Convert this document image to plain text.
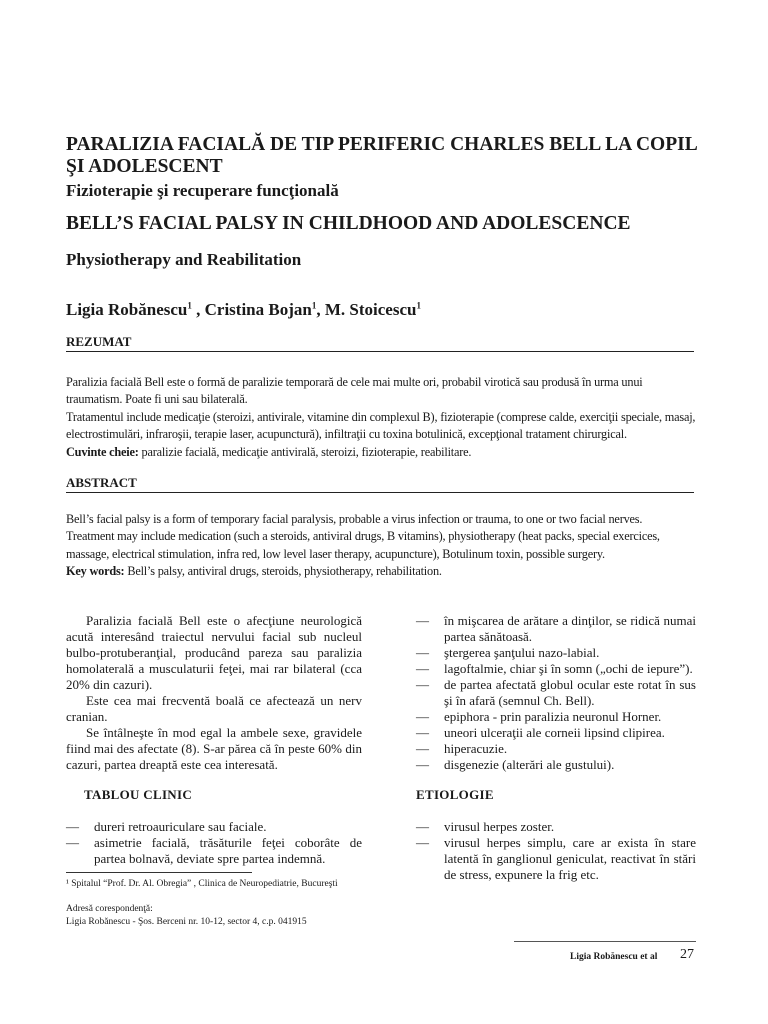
PARALIZIA FACIALĂ DE TIP PERIFERIC CHARLES BELL LA COPIL ŞI ADOLESCENT
Fizioterapie şi recuperare funcţională
BELL’S FACIAL PALSY IN CHILDHOOD AND ADOLESCENCE
Physiotherapy and Reabilitation
Ligia Robănescu$^1$ , Cristina Bojan$^1$, M. Stoicescu$^1$
REZUMAT

Paralizia facială Bell este o formă de paralizie temporară de cele mai multe ori, probabil virotică sau produsă în urma unui traumatism. Poate fi uni sau bilaterală.

Tratamentul include medicaţie (steroizi, antivirale, vitamine din complexul B), fizioterapie (comprese calde, exerciţii speciale, masaj, electrostimulări, infraroşii, terapie laser, acupunctură), infiltraţii cu toxina botulinică, excepţional tratament chirurgical.

Cuvinte cheie: paralizie facială, medicaţie antivirală, steroizi, fizioterapie, reabilitare.

ABSTRACT

Bell’s facial palsy is a form of temporary facial paralysis, probable a virus infection or trauma, to one or two facial nerves.

Treatment may include medication (such a steroids, antiviral drugs, B vitamins), physiotherapy (heat packs, special exercices, massage, electrical stimulation, infra red, low level laser therapy, acupuncture), Botulinum toxin, possible surgery.

Key words: Bell’s palsy, antiviral drugs, steroids, physiotherapy, rehabilitation.

Paralizia facială Bell este o afecţiune neurologică acută interesând traiectul nervului facial sub nucleul bulbo-protuberanţial, producând pareza sau paralizia homolaterală a musculaturii feţei, mai rar bilateral (cca 20% din cazuri).

Este cea mai frecventă boală ce afectează un nerv cranian.

Se întâlneşte în mod egal la ambele sexe, gravidele fiind mai des afectate (8). S-ar părea că în peste 60% din cazuri, partea dreaptă este cea interesată.

TABLOU CLINIC
— dureri retroauriculare sau faciale.
— asimetrie facială, trăsăturile feţei coborâte de partea bolnavă, deviate spre partea indemnă.
— în mişcarea de arătare a dinţilor, se ridică numai partea sănătoasă.
— ştergerea şanţului nazo-labial.
— lagoftalmie, chiar şi în somn („ochi de iepure”).
— de partea afectată globul ocular este rotat în sus şi în afară (semnul Ch. Bell).
— epiphora - prin paralizia neuronul Horner.
— uneori ulceraţii ale corneii lipsind clipirea.
— hiperacuzie.
— disgenezie (alterări ale gustului).
ETIOLOGIE
— virusul herpes zoster.
— virusul herpes simplu, care ar exista în stare latentă în ganglionul geniculat, reactivat în stări de stress, expunere la frig etc.

¹ Spitalul “Prof. Dr. Al. Obregia” , Clinica de Neuropediatrie, Bucureşti

Adresă corespondenţă:

Ligia Robănescu - Şos. Berceni nr. 10-12, sector 4, c.p. 041915

Ligia Robănescu et al 27
